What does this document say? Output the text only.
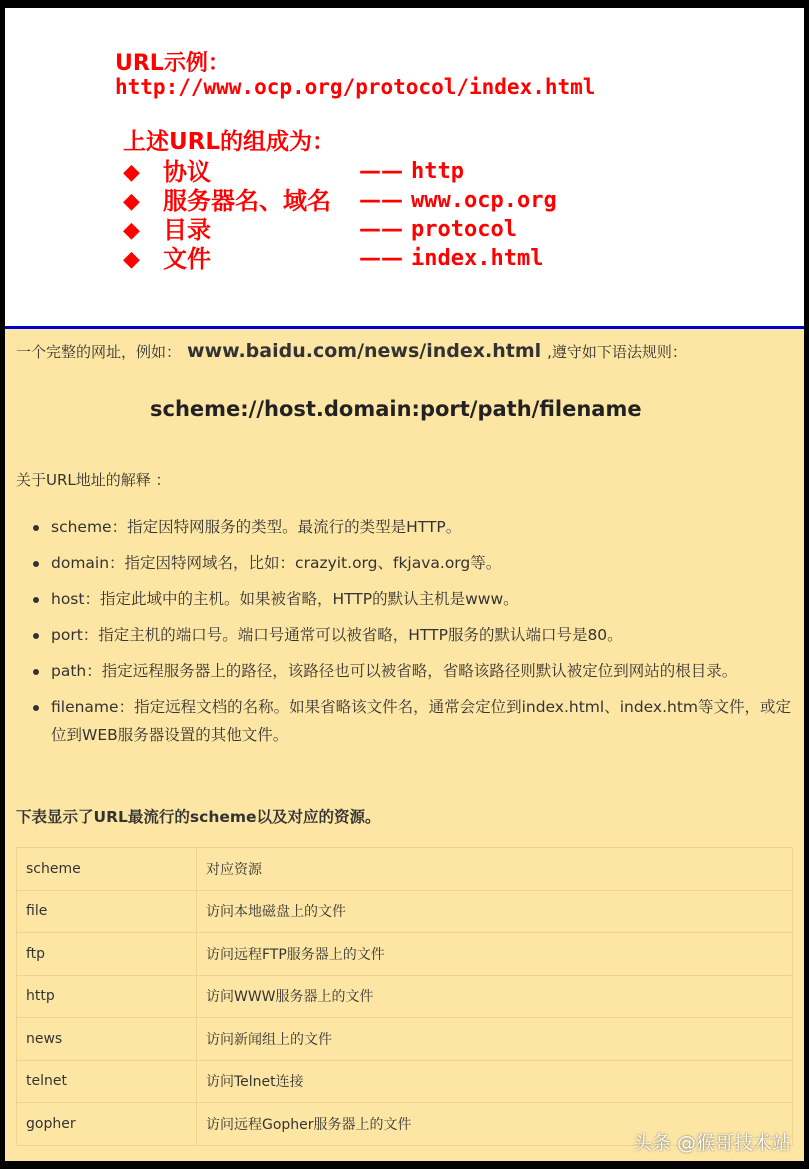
URL示例：
http://www.ocp.org/protocol/index.html
上述URL的组成为：
◆ 协议	—— http
◆ 服务器名、域名 —— www.ocp.org
◆ 目录	—— protocol
◆ 文件	—— index.html
一个完整的网址，例如： www.baidu.com/news/index.html ,遵守如下语法规则：
scheme://host.domain:port/path/filename
关于URL地址的解释 ：
scheme：指定因特网服务的类型。最流行的类型是HTTP。
domain：指定因特网域名，比如：crazyit.org、fkjava.org等。
host：指定此域中的主机。如果被省略，HTTP的默认主机是www。
port：指定主机的端口号。端口号通常可以被省略，HTTP服务的默认端口号是80。
path：指定远程服务器上的路径，该路径也可以被省略，省略该路径则默认被定位到网站的根目录。
filename：指定远程文档的名称。如果省略该文件名，通常会定位到index.html、index.htm等文件，或定位到WEB服务器设置的其他文件。
下表显示了URL最流行的scheme以及对应的资源。
scheme	对应资源
file	访问本地磁盘上的文件
ftp	访问远程FTP服务器上的文件
http	访问WWW服务器上的文件
news	访问新闻组上的文件
telnet	访问Telnet连接
gopher	访问远程Gopher服务器上的文件
头条 @猴哥技术站
